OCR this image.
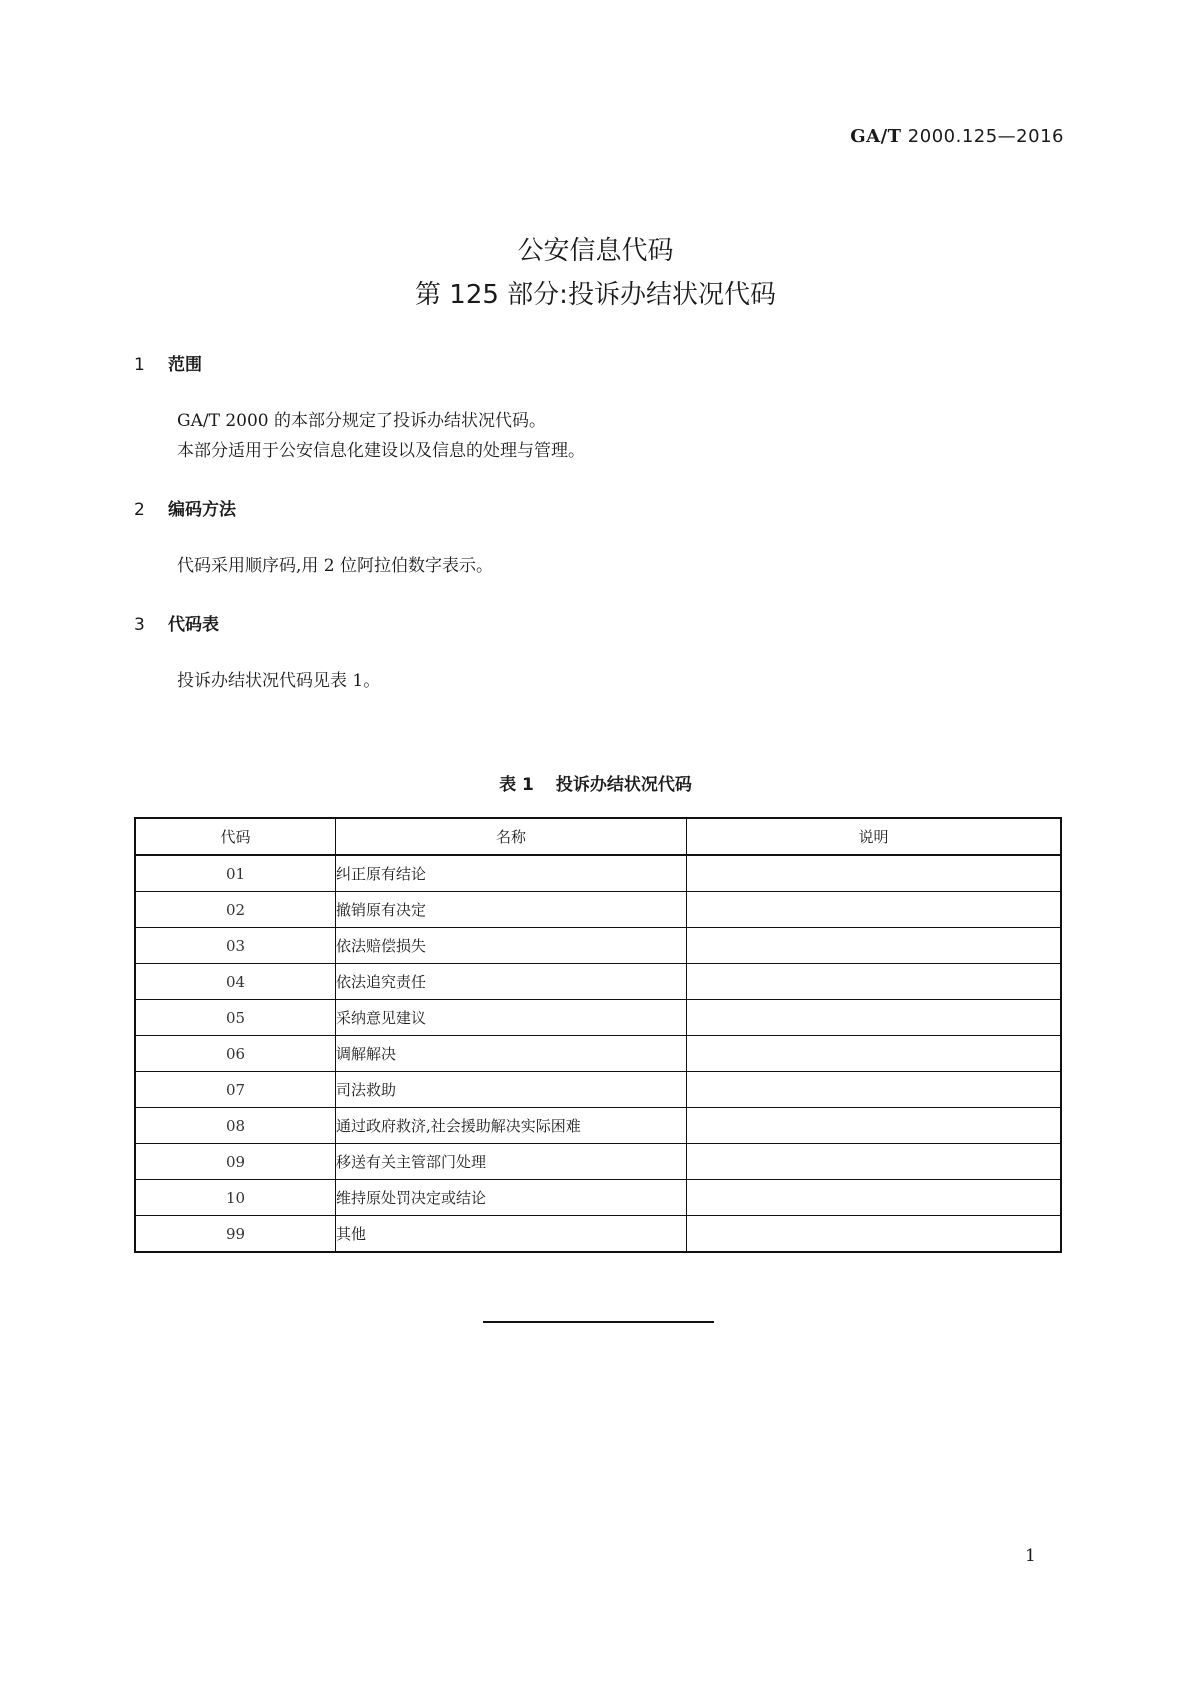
GA/T 2000.125—2016
公安信息代码
第 125 部分:投诉办结状况代码
1 范围
GA/T 2000 的本部分规定了投诉办结状况代码。
本部分适用于公安信息化建设以及信息的处理与管理。
2 编码方法
代码采用顺序码,用 2 位阿拉伯数字表示。
3 代码表
投诉办结状况代码见表 1。
表 1 投诉办结状况代码
代码	名称	说明
01	纠正原有结论	
02	撤销原有决定	
03	依法赔偿损失	
04	依法追究责任	
05	采纳意见建议	
06	调解解决	
07	司法救助	
08	通过政府救济,社会援助解决实际困难	
09	移送有关主管部门处理	
10	维持原处罚决定或结论	
99	其他	
1
